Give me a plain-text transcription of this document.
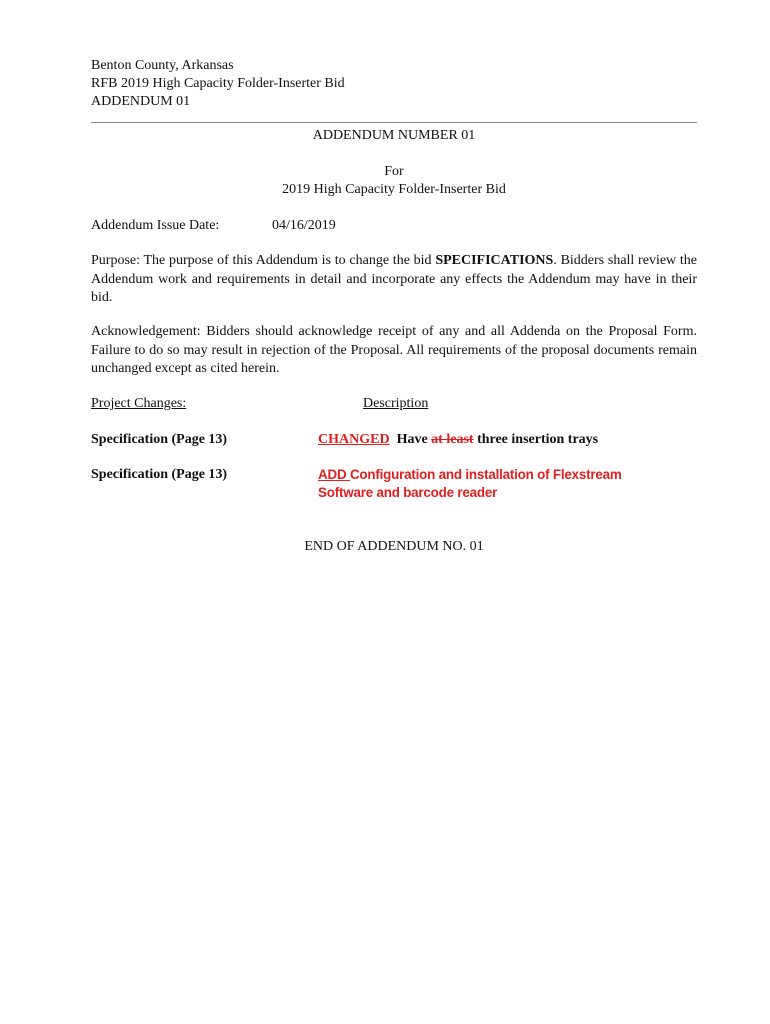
Benton County, Arkansas
RFB 2019 High Capacity Folder-Inserter Bid
ADDENDUM 01
ADDENDUM NUMBER 01
For
2019 High Capacity Folder-Inserter Bid
Addendum Issue Date:	04/16/2019
Purpose: The purpose of this Addendum is to change the bid SPECIFICATIONS. Bidders shall review the Addendum work and requirements in detail and incorporate any effects the Addendum may have in their bid.
Acknowledgement: Bidders should acknowledge receipt of any and all Addenda on the Proposal Form. Failure to do so may result in rejection of the Proposal. All requirements of the proposal documents remain unchanged except as cited herein.
Project Changes:	Description
Specification (Page 13)	CHANGED Have at least three insertion trays
Specification (Page 13)	ADD Configuration and installation of Flexstream
Software and barcode reader
END OF ADDENDUM NO. 01
